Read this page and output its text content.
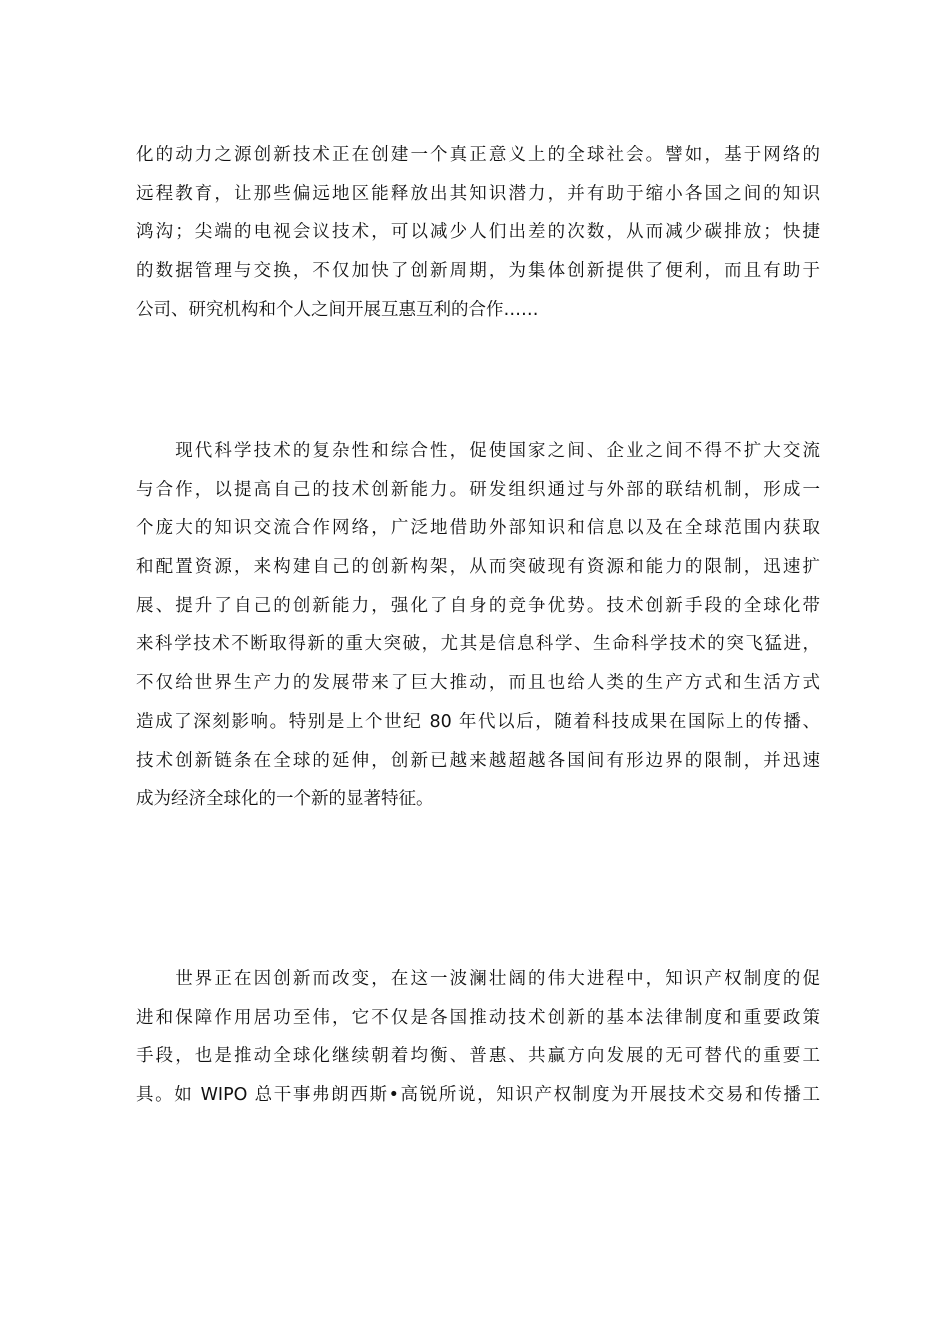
化的动力之源创新技术正在创建一个真正意义上的全球社会。譬如，基于网络的
远程教育，让那些偏远地区能释放出其知识潜力，并有助于缩小各国之间的知识
鸿沟；尖端的电视会议技术，可以减少人们出差的次数，从而减少碳排放；快捷
的数据管理与交换，不仅加快了创新周期，为集体创新提供了便利，而且有助于
公司、研究机构和个人之间开展互惠互利的合作……
　　现代科学技术的复杂性和综合性，促使国家之间、企业之间不得不扩大交流
与合作，以提高自己的技术创新能力。研发组织通过与外部的联结机制，形成一
个庞大的知识交流合作网络，广泛地借助外部知识和信息以及在全球范围内获取
和配置资源，来构建自己的创新构架，从而突破现有资源和能力的限制，迅速扩
展、提升了自己的创新能力，强化了自身的竞争优势。技术创新手段的全球化带
来科学技术不断取得新的重大突破，尤其是信息科学、生命科学技术的突飞猛进，
不仅给世界生产力的发展带来了巨大推动，而且也给人类的生产方式和生活方式
造成了深刻影响。特别是上个世纪 80 年代以后，随着科技成果在国际上的传播、
技术创新链条在全球的延伸，创新已越来越超越各国间有形边界的限制，并迅速
成为经济全球化的一个新的显著特征。
　　世界正在因创新而改变，在这一波澜壮阔的伟大进程中，知识产权制度的促
进和保障作用居功至伟，它不仅是各国推动技术创新的基本法律制度和重要政策
手段，也是推动全球化继续朝着均衡、普惠、共赢方向发展的无可替代的重要工
具。如 WIPO 总干事弗朗西斯•高锐所说，知识产权制度为开展技术交易和传播工
